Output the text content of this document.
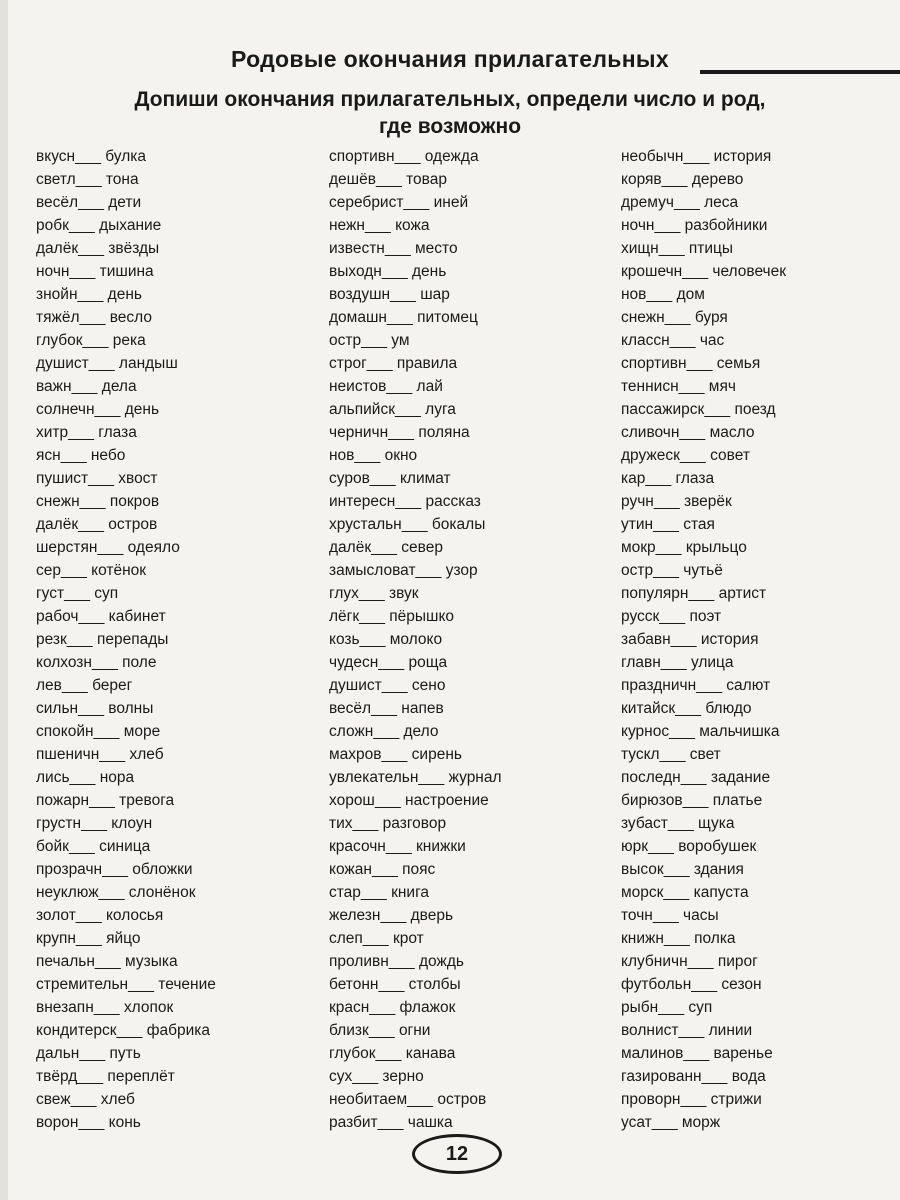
Родовые окончания прилагательных
Допиши окончания прилагательных, определи число и род,
где возможно
вкусн___ булка
светл___ тона
весёл___ дети
робк___ дыхание
далёк___ звёзды
ночн___ тишина
знойн___ день
тяжёл___ весло
глубок___ река
душист___ ландыш
важн___ дела
солнечн___ день
хитр___ глаза
ясн___ небо
пушист___ хвост
снежн___ покров
далёк___ остров
шерстян___ одеяло
сер___ котёнок
густ___ суп
рабоч___ кабинет
резк___ перепады
колхозн___ поле
лев___ берег
сильн___ волны
спокойн___ море
пшеничн___ хлеб
лись___ нора
пожарн___ тревога
грустн___ клоун
бойк___ синица
прозрачн___ обложки
неуклюж___ слонёнок
золот___ колосья
крупн___ яйцо
печальн___ музыка
стремительн___ течение
внезапн___ хлопок
кондитерск___ фабрика
дальн___ путь
твёрд___ переплёт
свеж___ хлеб
ворон___ конь
спортивн___ одежда
дешёв___ товар
серебрист___ иней
нежн___ кожа
известн___ место
выходн___ день
воздушн___ шар
домашн___ питомец
остр___ ум
строг___ правила
неистов___ лай
альпийск___ луга
черничн___ поляна
нов___ окно
суров___ климат
интересн___ рассказ
хрустальн___ бокалы
далёк___ север
замысловат___ узор
глух___ звук
лёгк___ пёрышко
козь___ молоко
чудесн___ роща
душист___ сено
весёл___ напев
сложн___ дело
махров___ сирень
увлекательн___ журнал
хорош___ настроение
тих___ разговор
красочн___ книжки
кожан___ пояс
стар___ книга
железн___ дверь
слеп___ крот
проливн___ дождь
бетонн___ столбы
красн___ флажок
близк___ огни
глубок___ канава
сух___ зерно
необитаем___ остров
разбит___ чашка
необычн___ история
коряв___ дерево
дремуч___ леса
ночн___ разбойники
хищн___ птицы
крошечн___ человечек
нов___ дом
снежн___ буря
классн___ час
спортивн___ семья
теннисн___ мяч
пассажирск___ поезд
сливочн___ масло
дружеск___ совет
кар___ глаза
ручн___ зверёк
утин___ стая
мокр___ крыльцо
остр___ чутьё
популярн___ артист
русск___ поэт
забавн___ история
главн___ улица
праздничн___ салют
китайск___ блюдо
курнос___ мальчишка
тускл___ свет
последн___ задание
бирюзов___ платье
зубаст___ щука
юрк___ воробушек
высок___ здания
морск___ капуста
точн___ часы
книжн___ полка
клубничн___ пирог
футбольн___ сезон
рыбн___ суп
волнист___ линии
малинов___ варенье
газированн___ вода
проворн___ стрижи
усат___ морж
12
